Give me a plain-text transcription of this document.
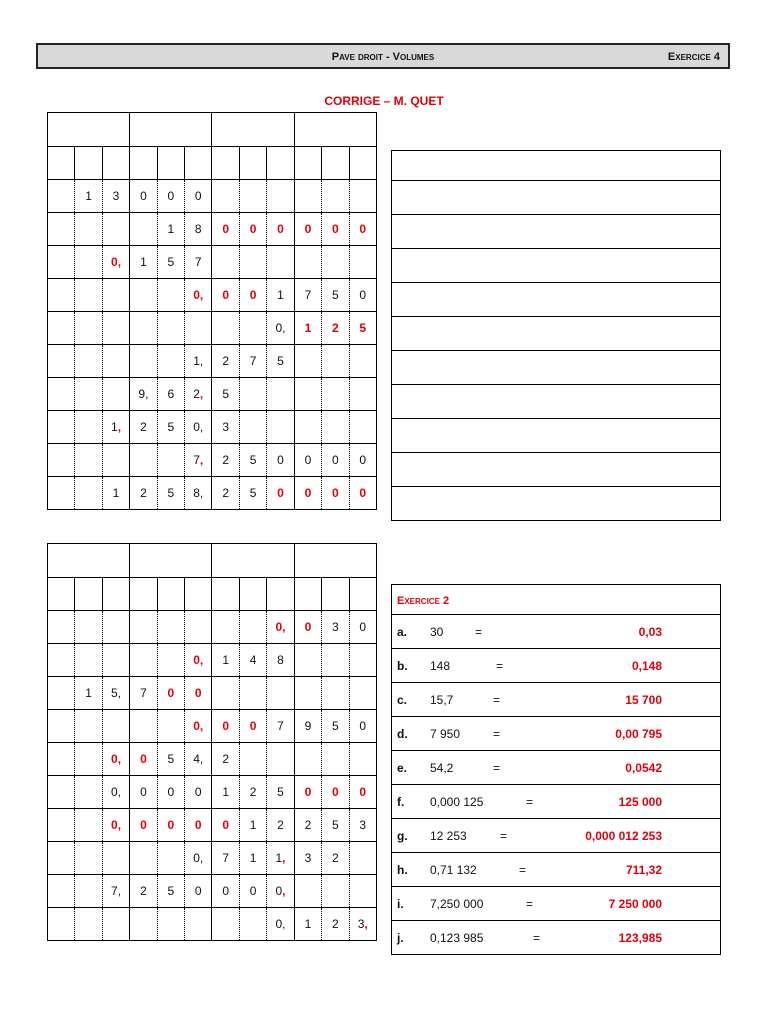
Pave droit - Volumes	Exercice 4
CORRIGE – M. QUET

	1	3	0	0	0						
				1	8	0	0	0	0	0	0
		0,	1	5	7						
					0,	0	0	1	7	5	0
								0,	1	2	5
					1,	2	7	5			
			9,	6	2,	5					
		1,	2	5	0,	3					
					7,	2	5	0	0	0	0
		1	2	5	8,	2	5	0	0	0	0

								0,	0	3	0
					0,	1	4	8			
	1	5,	7	0	0						
					0,	0	0	7	9	5	0
		0,	0	5	4,	2					
		0,	0	0	0	1	2	5	0	0	0
		0,	0	0	0	0	1	2	2	5	3
					0,	7	1	1,	3	2	
		7,	2	5	0	0	0	0,			
								0,	1	2	3,

Exercice 2

a. 30	=	0,03

b. 148	=	0,148

c. 15,7	=	15 700

d. 7 950	=	0,00 795

e. 54,2	=	0,0542

f. 0,000 125	=	125 000

g. 12 253	=	0,000 012 253

h. 0,71 132	=	711,32

i. 7,250 000	=	7 250 000

j. 0,123 985	=	123,985
